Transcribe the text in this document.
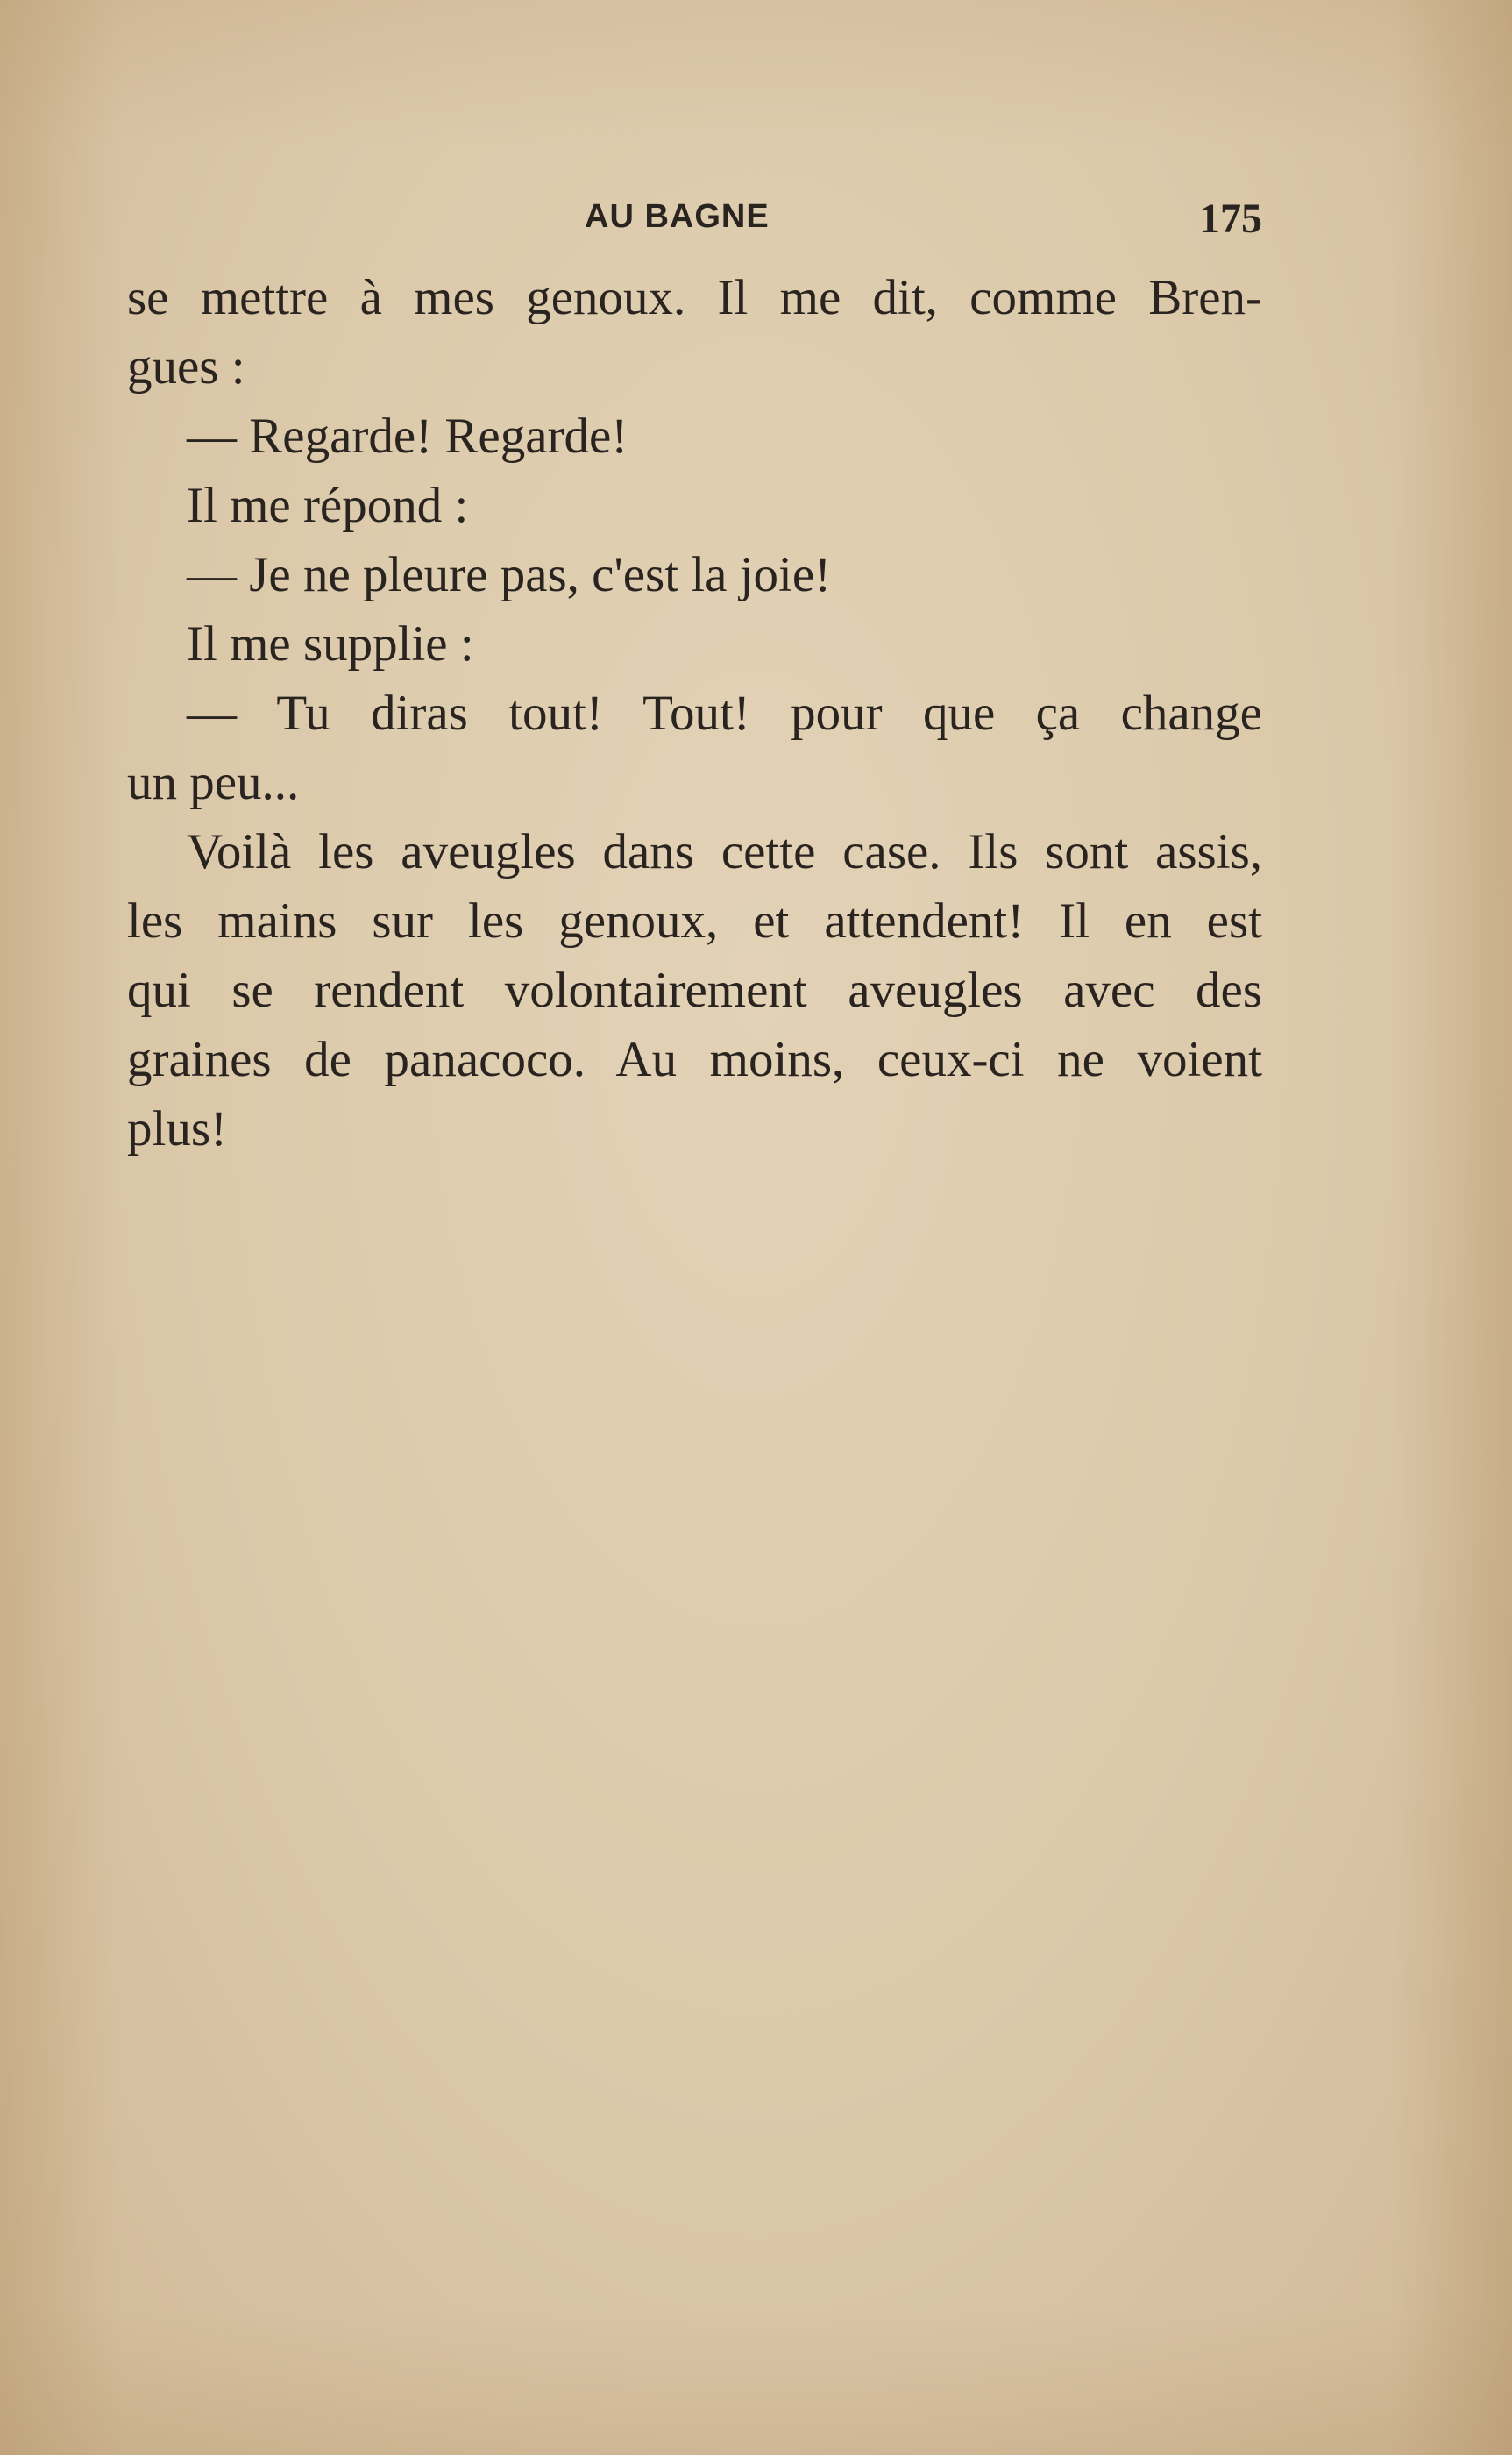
AU BAGNE	175
se mettre à mes genoux. Il me dit, comme Bren-
gues :
— Regarde! Regarde!
Il me répond :
— Je ne pleure pas, c'est la joie!
Il me supplie :
— Tu diras tout! Tout! pour que ça change
un peu...
Voilà les aveugles dans cette case. Ils sont assis,
les mains sur les genoux, et attendent! Il en est
qui se rendent volontairement aveugles avec des
graines de panacoco. Au moins, ceux-ci ne voient
plus!
